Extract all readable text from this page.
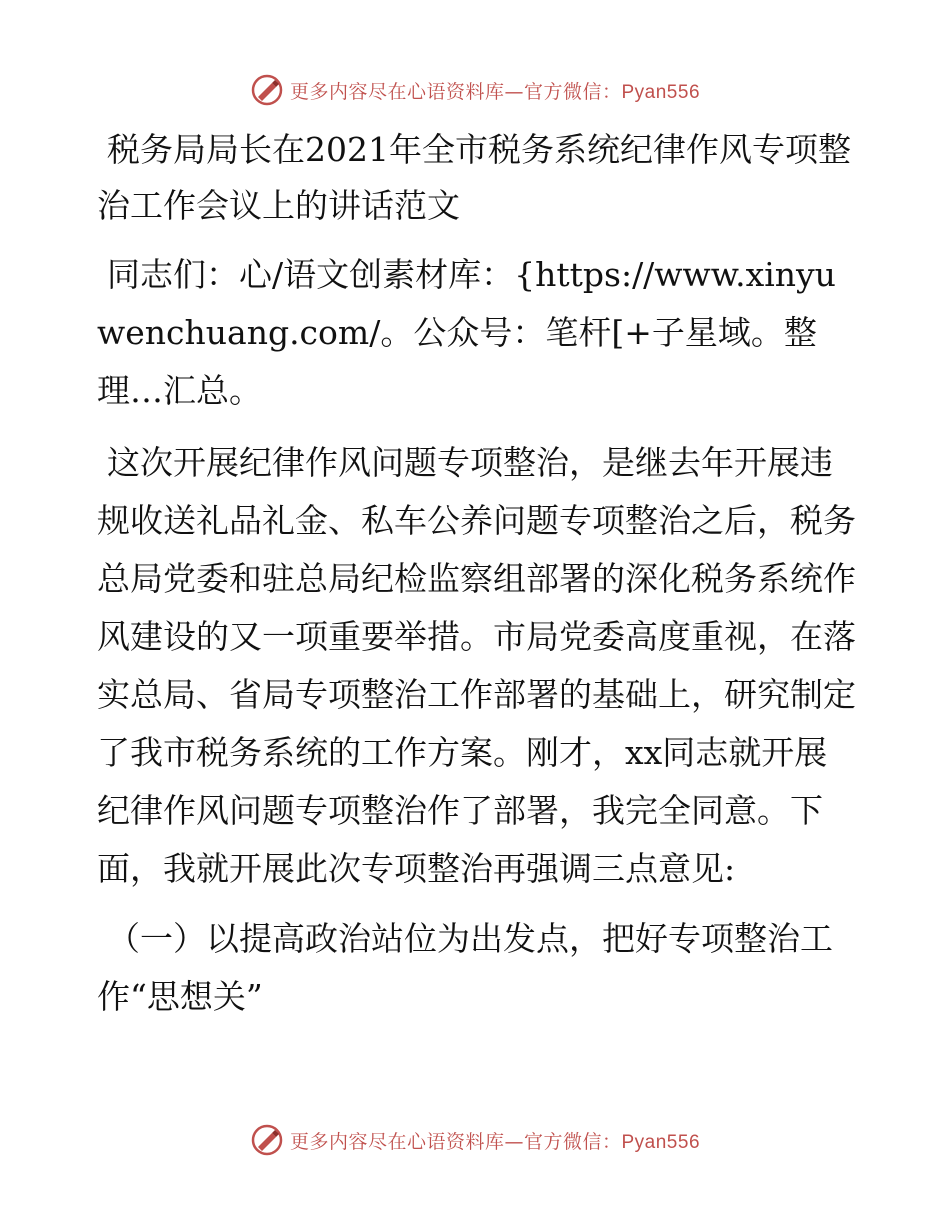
更多内容尽在心语资料库—官方微信：Pyan556
税务局局长在2021年全市税务系统纪律作风专项整治工作会议上的讲话范文

同志们：心/语文创素材库：{https://www.xinyuwenchuang.com/。公众号：笔杆[+子星域。整理…汇总。

这次开展纪律作风问题专项整治，是继去年开展违规收送礼品礼金、私车公养问题专项整治之后，税务总局党委和驻总局纪检监察组部署的深化税务系统作风建设的又一项重要举措。市局党委高度重视，在落实总局、省局专项整治工作部署的基础上，研究制定了我市税务系统的工作方案。刚才，xx同志就开展纪律作风问题专项整治作了部署，我完全同意。下面，我就开展此次专项整治再强调三点意见:

（一）以提高政治站位为出发点，把好专项整治工作“思想关”

更多内容尽在心语资料库—官方微信：Pyan556
